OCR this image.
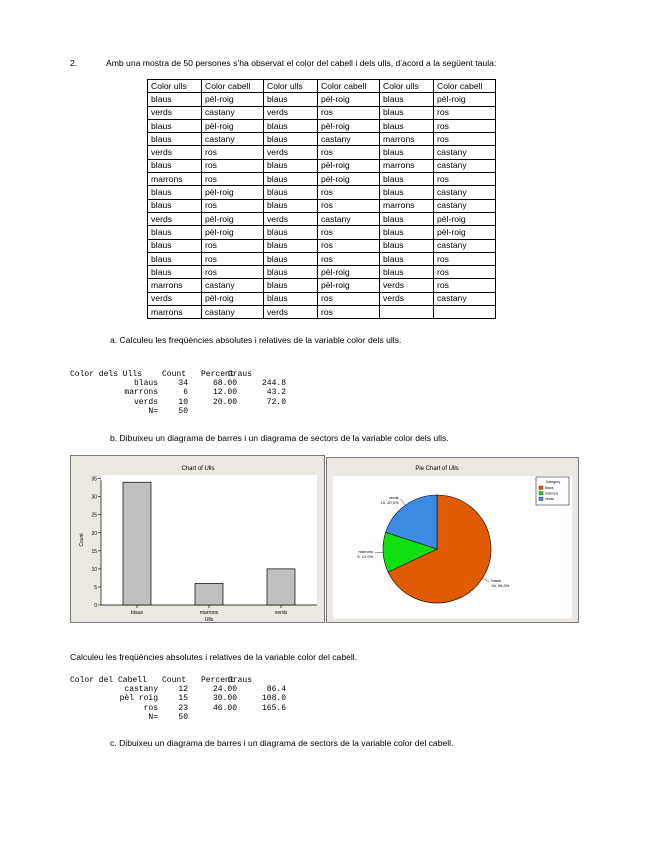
2.	Amb una mostra de 50 persones s’ha observat el color del cabell i dels ulls, d’acord a la següent taula:
Color ulls	Color cabell	Color ulls	Color cabell	Color ulls	Color cabell
blaus	pèl-roig	blaus	pèl-roig	blaus	pèl-roig
verds	castany	verds	ros	blaus	ros
blaus	pèl-roig	blaus	pèl-roig	blaus	ros
blaus	castany	blaus	castany	marrons	ros
verds	ros	verds	ros	blaus	castany
blaus	ros	blaus	pèl-roig	marrons	castany
marrons	ros	blaus	pèl-roig	blaus	ros
blaus	pèl-roig	blaus	ros	blaus	castany
blaus	ros	blaus	ros	marrons	castany
verds	pèl-roig	verds	castany	blaus	pèl-roig
blaus	pèl-roig	blaus	ros	blaus	pèl-roig
blaus	ros	blaus	ros	blaus	castany
blaus	ros	blaus	ros	blaus	ros
blaus	ros	blaus	pèl-roig	blaus	ros
marrons	castany	blaus	pèl-roig	verds	ros
verds	pèl-roig	blaus	ros	verds	castany
marrons	castany	verds	ros		
a. Calculeu les freqüències absolutes i relatives de la variable color dels ulls.
Color dels Ulls Count Percent
Graus
blaus	34	68.00	244.8
marrons	6	12.00	43.2
verds	10	20.00	72.0
N=	50
b. Dibuixeu un diagrama de barres i un diagrama de sectors de la variable color dels ulls.
Chart of Ulls
0
5
10
15
20
25
30
35
blaus	marrons	verds
Ulls
Count
Pie Chart of Ulls
blaus 34, 68,0%
marrons 6, 12,0%
verds 10, 20,0%
Category
blaus
marrons
verds
Calculeu les freqüències absolutes i relatives de la variable color del cabell.
Color del Cabell Count Percent
Graus
castany	12	24.00	86.4
pèl roig	15	30.00	108.0
ros	23	46.00	165.6
N=	50
c. Dibuixeu un diagrama de barres i un diagrama de sectors de la variable color del cabell.
